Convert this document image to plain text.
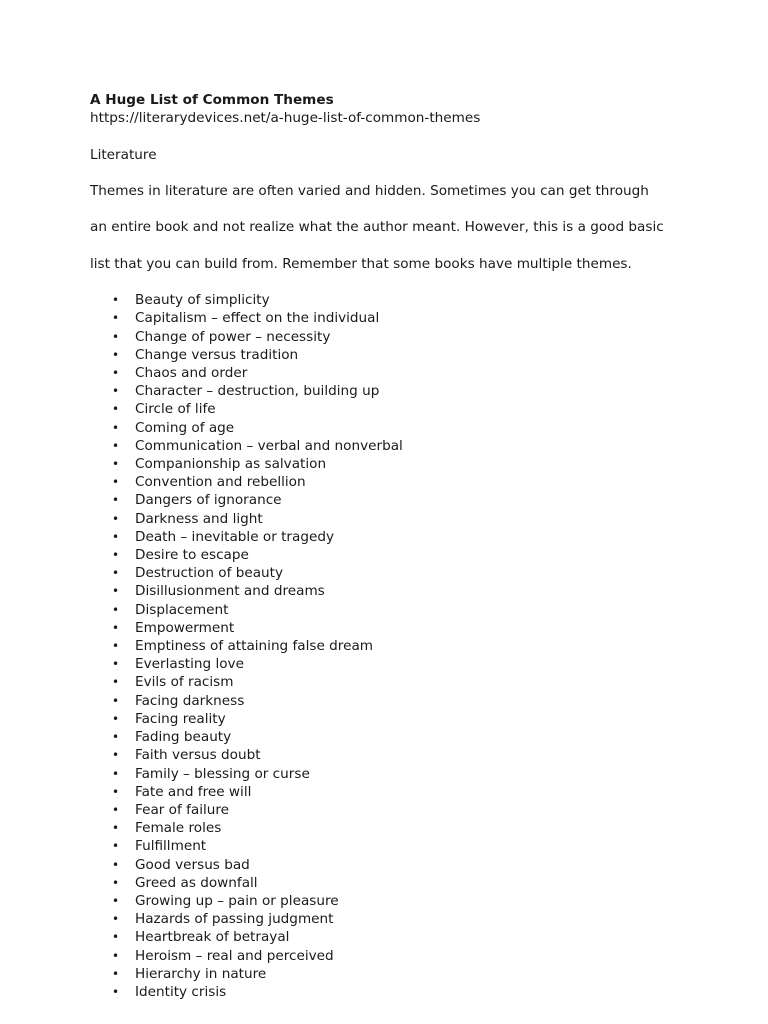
A Huge List of Common Themes

https://literarydevices.net/a-huge-list-of-common-themes

Literature

Themes in literature are often varied and hidden. Sometimes you can get through

an entire book and not realize what the author meant. However, this is a good basic

list that you can build from. Remember that some books have multiple themes.

• Beauty of simplicity
• Capitalism – effect on the individual
• Change of power – necessity
• Change versus tradition
• Chaos and order
• Character – destruction, building up
• Circle of life
• Coming of age
• Communication – verbal and nonverbal
• Companionship as salvation
• Convention and rebellion
• Dangers of ignorance
• Darkness and light
• Death – inevitable or tragedy
• Desire to escape
• Destruction of beauty
• Disillusionment and dreams
• Displacement
• Empowerment
• Emptiness of attaining false dream
• Everlasting love
• Evils of racism
• Facing darkness
• Facing reality
• Fading beauty
• Faith versus doubt
• Family – blessing or curse
• Fate and free will
• Fear of failure
• Female roles
• Fulfillment
• Good versus bad
• Greed as downfall
• Growing up – pain or pleasure
• Hazards of passing judgment
• Heartbreak of betrayal
• Heroism – real and perceived
• Hierarchy in nature
• Identity crisis
